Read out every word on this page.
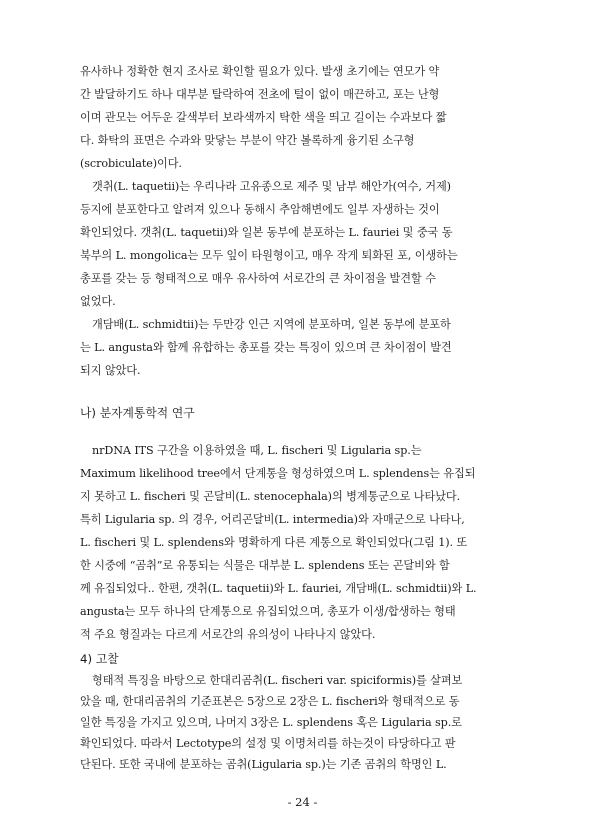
유사하나 정확한 현지 조사로 확인할 필요가 있다. 발생 초기에는 연모가 약
간 발달하기도 하나 대부분 탈락하여 전초에 털이 없이 매끈하고, 포는 난형
이며 관모는 어두운 갈색부터 보라색까지 탁한 색을 띄고 길이는 수과보다 짧
다. 화탁의 표면은 수과와 맞닿는 부분이 약간 볼록하게 융기된 소구형
(scrobiculate)이다.
갯취(L. taquetii)는 우리나라 고유종으로 제주 및 남부 해안가(여수, 거제)
등지에 분포한다고 알려져 있으나 동해시 추암해변에도 일부 자생하는 것이
확인되었다. 갯취(L. taquetii)와 일본 동부에 분포하는 L. fauriei 및 중국 동
북부의 L. mongolica는 모두 잎이 타원형이고, 매우 작게 퇴화된 포, 이생하는
총포를 갖는 등 형태적으로 매우 유사하여 서로간의 큰 차이점을 발견할 수
없었다.
개담배(L. schmidtii)는 두만강 인근 지역에 분포하며, 일본 동부에 분포하
는 L. angusta와 함께 유합하는 총포를 갖는 특징이 있으며 큰 차이점이 발견
되지 않았다.
나) 분자계통학적 연구
nrDNA ITS 구간을 이용하였을 때, L. fischeri 및 Ligularia sp.는
Maximum likelihood tree에서 단계통을 형성하였으며 L. splendens는 유집되
지 못하고 L. fischeri 및 곤달비(L. stenocephala)의 병계통군으로 나타났다.
특히 Ligularia sp. 의 경우, 어리곤달비(L. intermedia)와 자매군으로 나타나,
L. fischeri 및 L. splendens와 명확하게 다른 계통으로 확인되었다(그림 1). 또
한 시중에 “곰취”로 유통되는 식물은 대부분 L. splendens 또는 곤달비와 함
께 유집되었다.. 한편, 갯취(L. taquetii)와 L. fauriei, 개담배(L. schmidtii)와 L.
angusta는 모두 하나의 단계통으로 유집되었으며, 총포가 이생/합생하는 형태
적 주요 형질과는 다르게 서로간의 유의성이 나타나지 않았다.
4) 고찰
형태적 특징을 바탕으로 한대리곰취(L. fischeri var. spiciformis)를 살펴보
았을 때, 한대리곰취의 기준표본은 5장으로 2장은 L. fischeri와 형태적으로 동
일한 특징을 가지고 있으며, 나머지 3장은 L. splendens 혹은 Ligularia sp.로
확인되었다. 따라서 Lectotype의 설정 및 이명처리를 하는것이 타당하다고 판
단된다. 또한 국내에 분포하는 곰취(Ligularia sp.)는 기존 곰취의 학명인 L.
- 24 -
